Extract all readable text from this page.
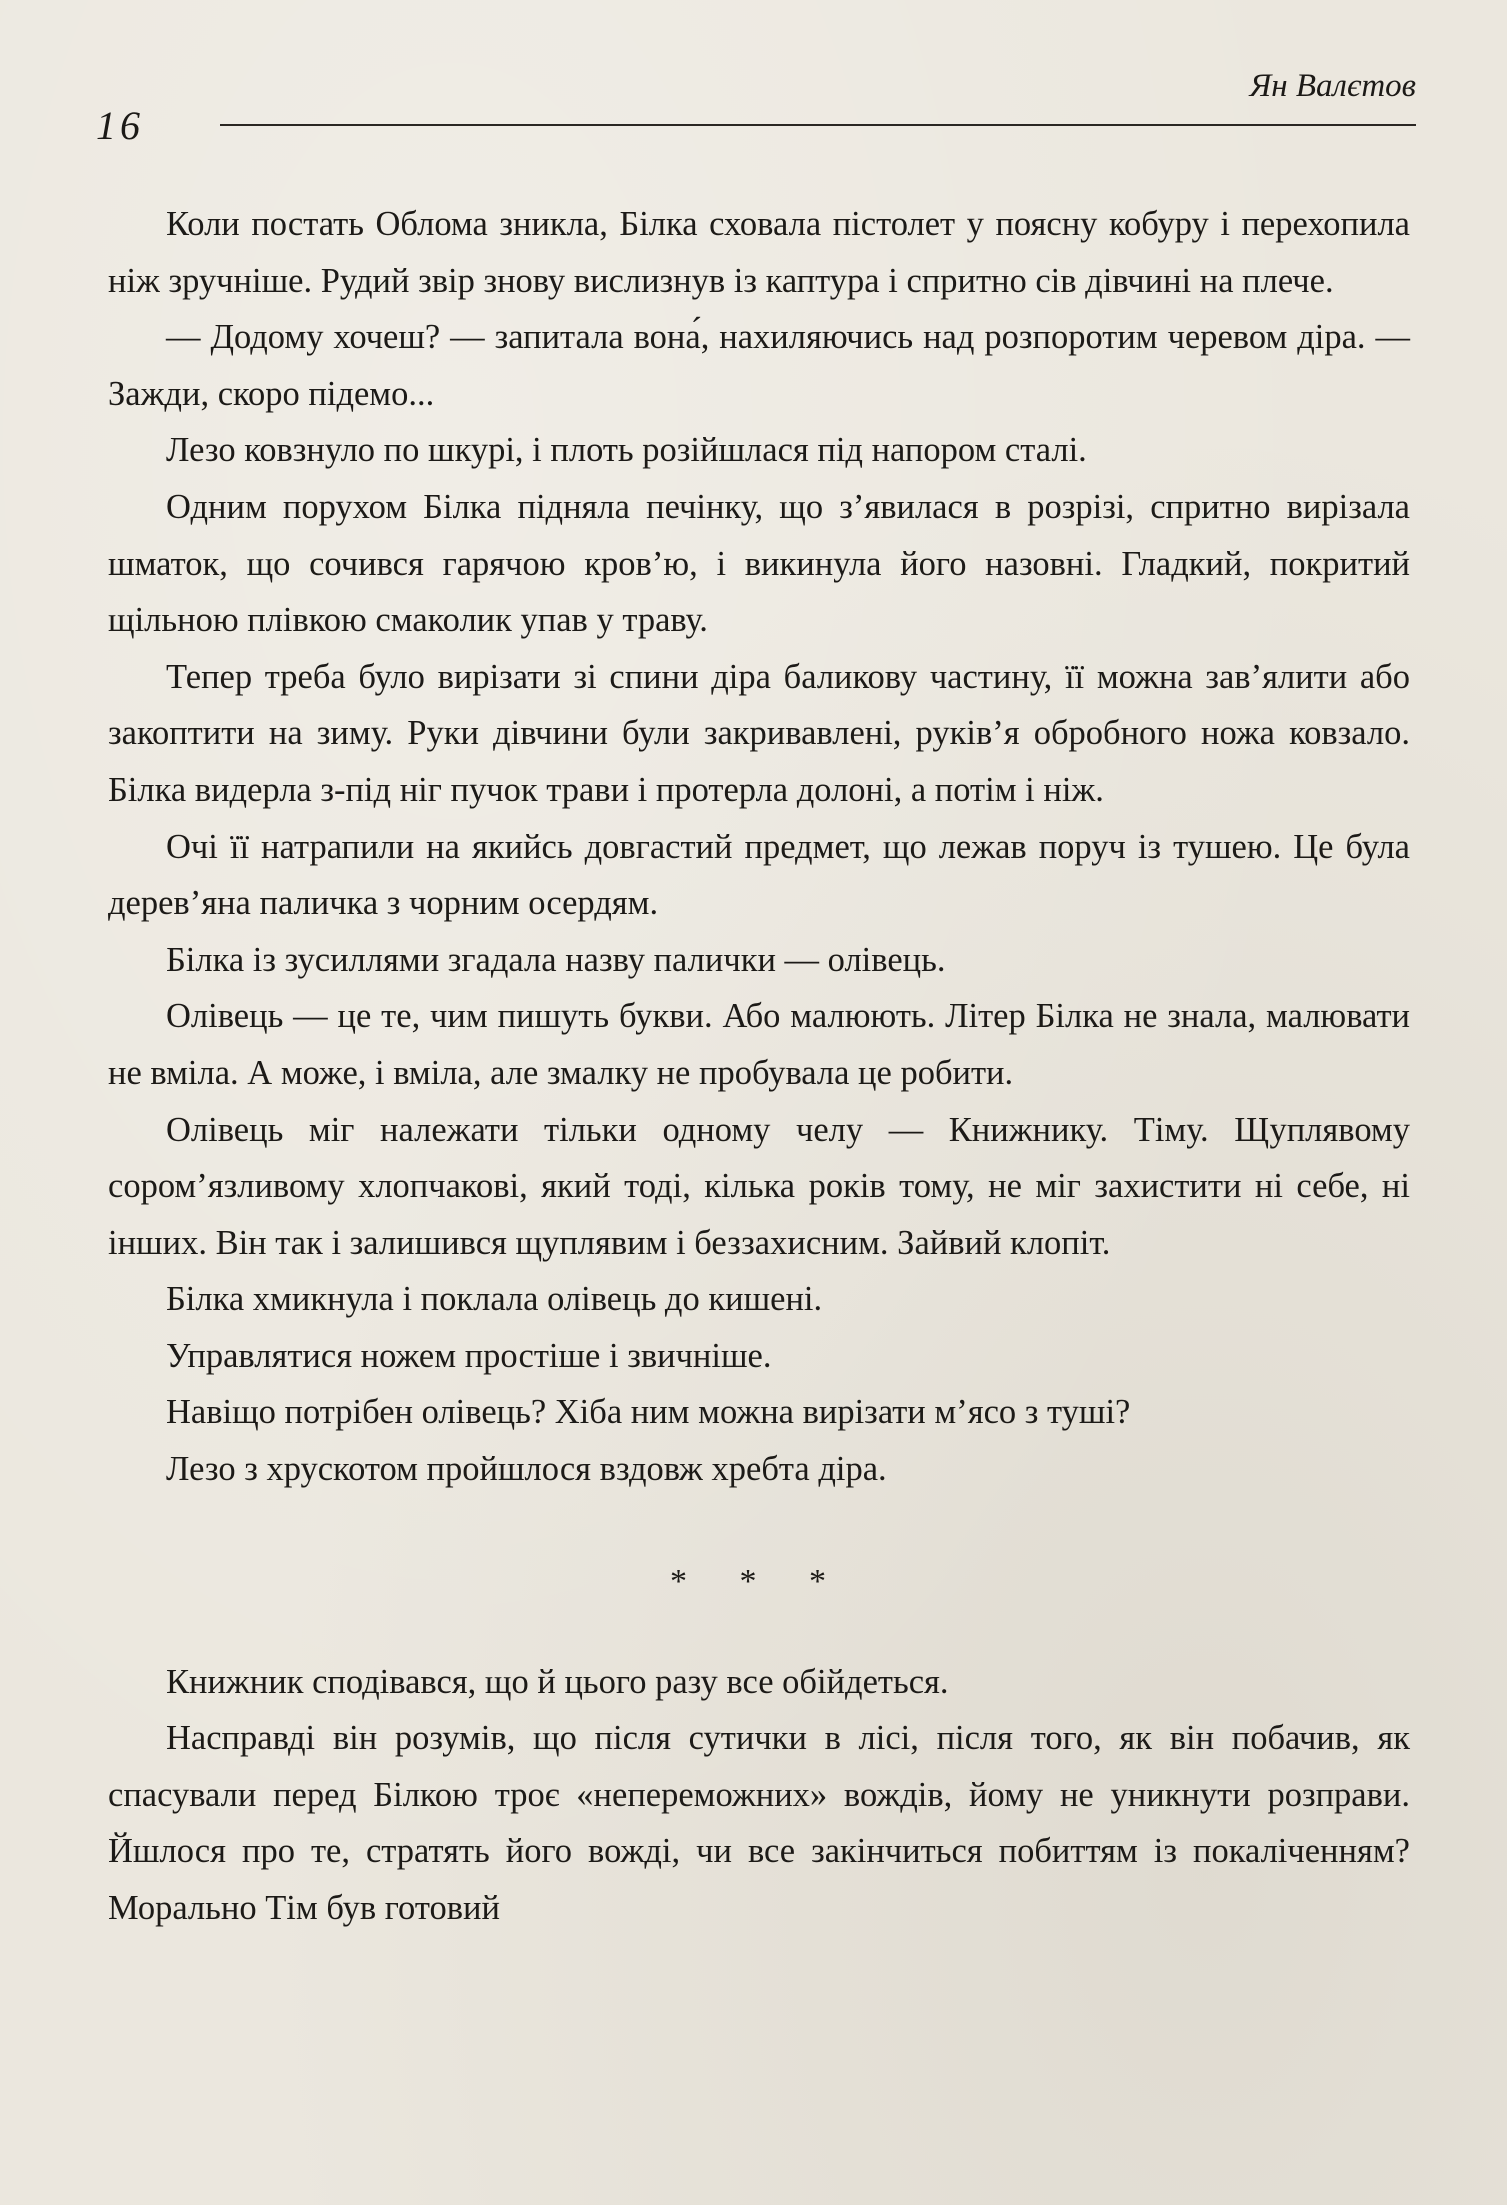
16
Ян Валєтов

Коли постать Облома зникла, Білка сховала пістолет у поясну кобуру і перехопила ніж зручніше. Рудий звір знову вислизнув із каптура і спритно сів дівчині на плече.

— Додому хочеш? — запитала вона́, нахиляючись над розпоротим черевом діра. — Зажди, скоро підемо...

Лезо ковзнуло по шкурі, і плоть розійшлася під напором сталі.

Одним порухом Білка підняла печінку, що з’явилася в розрізі, спритно вирізала шматок, що сочився гарячою кров’ю, і викинула його назовні. Гладкий, покритий щільною плівкою смаколик упав у траву.

Тепер треба було вирізати зі спини діра баликову частину, її можна зав’ялити або закоптити на зиму. Руки дівчини були закривавлені, руків’я обробного ножа ковзало. Білка видерла з-під ніг пучок трави і протерла долоні, а потім і ніж.

Очі її натрапили на якийсь довгастий предмет, що лежав поруч із тушею. Це була дерев’яна паличка з чорним осердям.

Білка із зусиллями згадала назву палички — олівець.

Олівець — це те, чим пишуть букви. Або малюють. Літер Білка не знала, малювати не вміла. А може, і вміла, але змалку не пробувала це робити.

Олівець міг належати тільки одному челу — Книжнику. Тіму. Щуплявому сором’язливому хлопчакові, який тоді, кілька років тому, не міг захистити ні себе, ні інших. Він так і залишився щуплявим і беззахисним. Зайвий клопіт.

Білка хмикнула і поклала олівець до кишені.

Управлятися ножем простіше і звичніше.

Навіщо потрібен олівець? Хіба ним можна вирізати м’ясо з туші?

Лезо з хрускотом пройшлося вздовж хребта діра.

* * *

Книжник сподівався, що й цього разу все обійдеться.

Насправді він розумів, що після сутички в лісі, після того, як він побачив, як спасували перед Білкою троє «непереможних» вождів, йому не уникнути розправи. Йшлося про те, стратять його вожді, чи все закінчиться побиттям із покаліченням? Морально Тім був готовий
